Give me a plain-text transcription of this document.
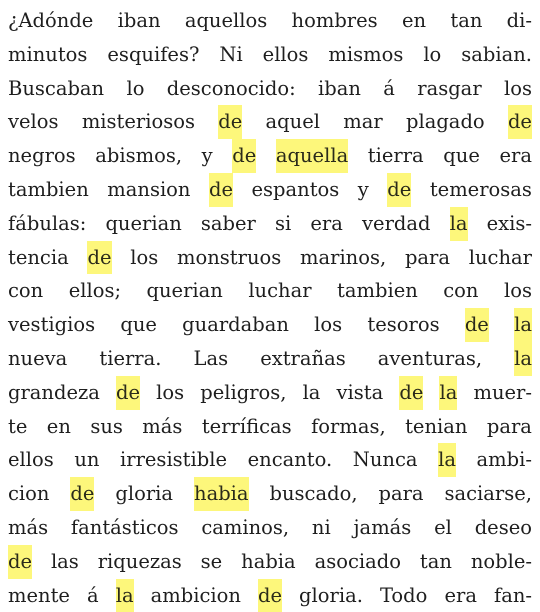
¿Adónde iban aquellos hombres en tan di-
minutos esquifes? Ni ellos mismos lo sabian.
Buscaban lo desconocido: iban á rasgar los
velos misteriosos de aquel mar plagado de
negros abismos, y de aquella tierra que era
tambien mansion de espantos y de temerosas
fábulas: querian saber si era verdad la exis-
tencia de los monstruos marinos, para luchar
con ellos; querian luchar tambien con los
vestigios que guardaban los tesoros de la
nueva tierra. Las extrañas aventuras, la
grandeza de los peligros, la vista de la muer-
te en sus más terríficas formas, tenian para
ellos un irresistible encanto. Nunca la ambi-
cion de gloria habia buscado, para saciarse,
más fantásticos caminos, ni jamás el deseo
de las riquezas se habia asociado tan noble-
mente á la ambicion de gloria. Todo era fan-
